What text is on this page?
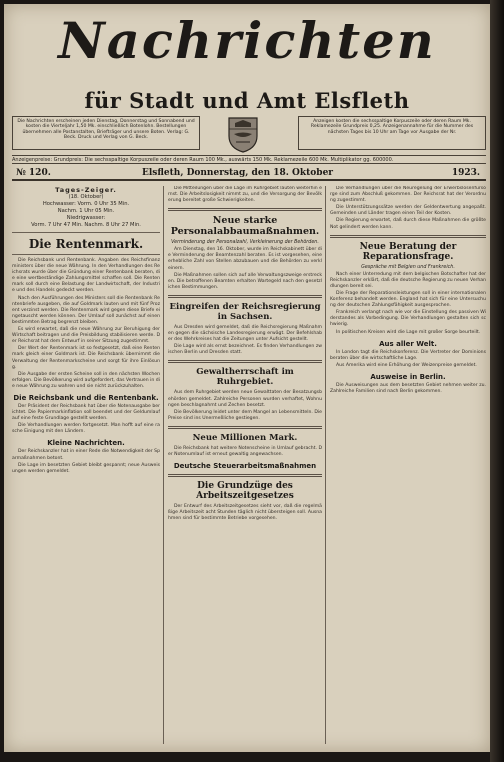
Nachrichten
für Stadt und Amt Elsfleth
Die Nachrichten erscheinen jeden Dienstag, Donnerstag und Sonnabend und kosten die Vierteljahr 1,50 Mk. einschließlich Botenlohn. Bestellungen übernehmen alle Postanstalten, Briefträger und unsere Boten. Verlag: G. Beck. Druck und Verlag von G. Beck.
Anzeigen kosten die sechsspaltige Korpuszeile oder deren Raum Mk. Reklamezeile Grundpreis 0,25. Anzeigenannahme für die Nummer des nächsten Tages bis 10 Uhr am Tage vor Ausgabe der Nr.
Anzeigenpreise: Grundpreis: Die sechsspaltige Korpuszeile oder deren Raum 100 Mk., auswärts 150 Mk. Reklamezeile 600 Mk. Multiplikator gg. 600000.
№ 120.	Elsfleth, Donnerstag, den 18. Oktober	1923.
Tages-Zeiger.
(18. Oktober)
Hochwasser: Vorm. 0 Uhr 35 Min.
Nachm. 1 Uhr 05 Min.
Niedrigwasser:
Vorm. 7 Uhr 47 Min. Nachm. 8 Uhr 27 Min.
Die Rentenmark.

Die Reichsbank und Rentenbank. Angaben des Reichsfinanzministers über die neue Währung. In den Verhandlungen des Reichsrats wurde über die Gründung einer Rentenbank beraten, die eine wertbeständige Zahlungsmittel schaffen soll. Die Rentenmark soll durch eine Belastung der Landwirtschaft, der Industrie und des Handels gedeckt werden.

Nach den Ausführungen des Ministers soll die Rentenbank Rentenbriefe ausgeben, die auf Goldmark lauten und mit fünf Prozent verzinst werden. Die Rentenmark wird gegen diese Briefe eingetauscht werden können. Der Umlauf soll zunächst auf einen bestimmten Betrag begrenzt bleiben.

Es wird erwartet, daß die neue Währung zur Beruhigung der Wirtschaft beitragen und die Preisbildung stabilisieren werde. Der Reichsrat hat dem Entwurf in seiner Sitzung zugestimmt.

Der Wert der Rentenmark ist so festgesetzt, daß eine Rentenmark gleich einer Goldmark ist. Die Reichsbank übernimmt die Verwaltung der Rentenmarkscheine und sorgt für ihre Einlösung.

Die Ausgabe der ersten Scheine soll in den nächsten Wochen erfolgen. Die Bevölkerung wird aufgefordert, das Vertrauen in die neue Währung zu wahren und sie nicht zurückzuhalten.

Die Reichsbank und die Rentenbank.

Der Präsident der Reichsbank hat über die Notenausgabe berichtet. Die Papiermarkinflation soll beendet und der Geldumlauf auf eine feste Grundlage gestellt werden.

Die Verhandlungen werden fortgesetzt. Man hofft auf eine rasche Einigung mit den Ländern.

Kleine Nachrichten.

Der Reichskanzler hat in einer Rede die Notwendigkeit der Sparmaßnahmen betont.

Die Lage im besetzten Gebiet bleibt gespannt; neue Ausweisungen werden gemeldet.

Die Mitteilungen über die Lage im Ruhrgebiet lauten weiterhin ernst. Die Arbeitslosigkeit nimmt zu, und die Versorgung der Bevölkerung bereitet große Schwierigkeiten.

Neue starke Personalabbaumaßnahmen.
Verminderung der Personalzahl, Verkleinerung der Behörden.

Am Dienstag, den 16. Oktober, wurde im Reichskabinett über die Verminderung der Beamtenzahl beraten. Es ist vorgesehen, eine erhebliche Zahl von Stellen abzubauen und die Behörden zu verkleinern.

Die Maßnahmen sollen sich auf alle Verwaltungszweige erstrecken. Die betroffenen Beamten erhalten Wartegeld nach den gesetzlichen Bestimmungen.

Eingreifen der Reichsregierung in Sachsen.

Aus Dresden wird gemeldet, daß die Reichsregierung Maßnahmen gegen die sächsische Landesregierung erwägt. Der Befehlshaber des Wehrkreises hat die Zeitungen unter Aufsicht gestellt.

Die Lage wird als ernst bezeichnet. Es finden Verhandlungen zwischen Berlin und Dresden statt.

Gewaltherrschaft im Ruhrgebiet.

Aus dem Ruhrgebiet werden neue Gewalttaten der Besatzungsbehörden gemeldet. Zahlreiche Personen wurden verhaftet, Wohnungen beschlagnahmt und Zechen besetzt.

Die Bevölkerung leidet unter dem Mangel an Lebensmitteln. Die Preise sind ins Unermeßliche gestiegen.

Neue Millionen Mark.

Die Reichsbank hat weitere Notenscheine in Umlauf gebracht. Der Notenumlauf ist erneut gewaltig angewachsen.

Deutsche Steuerarbeitsmaßnahmen
Die Grundzüge des Arbeitszeitgesetzes

Der Entwurf des Arbeitszeitgesetzes sieht vor, daß die regelmäßige Arbeitszeit acht Stunden täglich nicht übersteigen soll. Ausnahmen sind für bestimmte Betriebe vorgesehen.

Die Verhandlungen über die Neuregelung der Erwerbslosenfürsorge sind zum Abschluß gekommen. Der Reichsrat hat der Verordnung zugestimmt.

Die Unterstützungssätze werden der Geldentwertung angepaßt. Gemeinden und Länder tragen einen Teil der Kosten.

Die Regierung erwartet, daß durch diese Maßnahmen die größte Not gelindert werden kann.

Neue Beratung der Reparationsfrage.
Gespräche mit Belgien und Frankreich.

Nach einer Unterredung mit dem belgischen Botschafter hat der Reichskanzler erklärt, daß die deutsche Regierung zu neuen Verhandlungen bereit sei.

Die Frage der Reparationsleistungen soll in einer internationalen Konferenz behandelt werden. England hat sich für eine Untersuchung der deutschen Zahlungsfähigkeit ausgesprochen.

Frankreich verlangt nach wie vor die Einstellung des passiven Widerstandes als Vorbedingung. Die Verhandlungen gestalten sich schwierig.

In politischen Kreisen wird die Lage mit großer Sorge beurteilt.

Aus aller Welt.

In London tagt die Reichskonferenz. Die Vertreter der Dominions beraten über die wirtschaftliche Lage.

Aus Amerika wird eine Erhöhung der Weizenpreise gemeldet.

Ausweise in Berlin.

Die Ausweisungen aus dem besetzten Gebiet nehmen weiter zu. Zahlreiche Familien sind nach Berlin gekommen.
